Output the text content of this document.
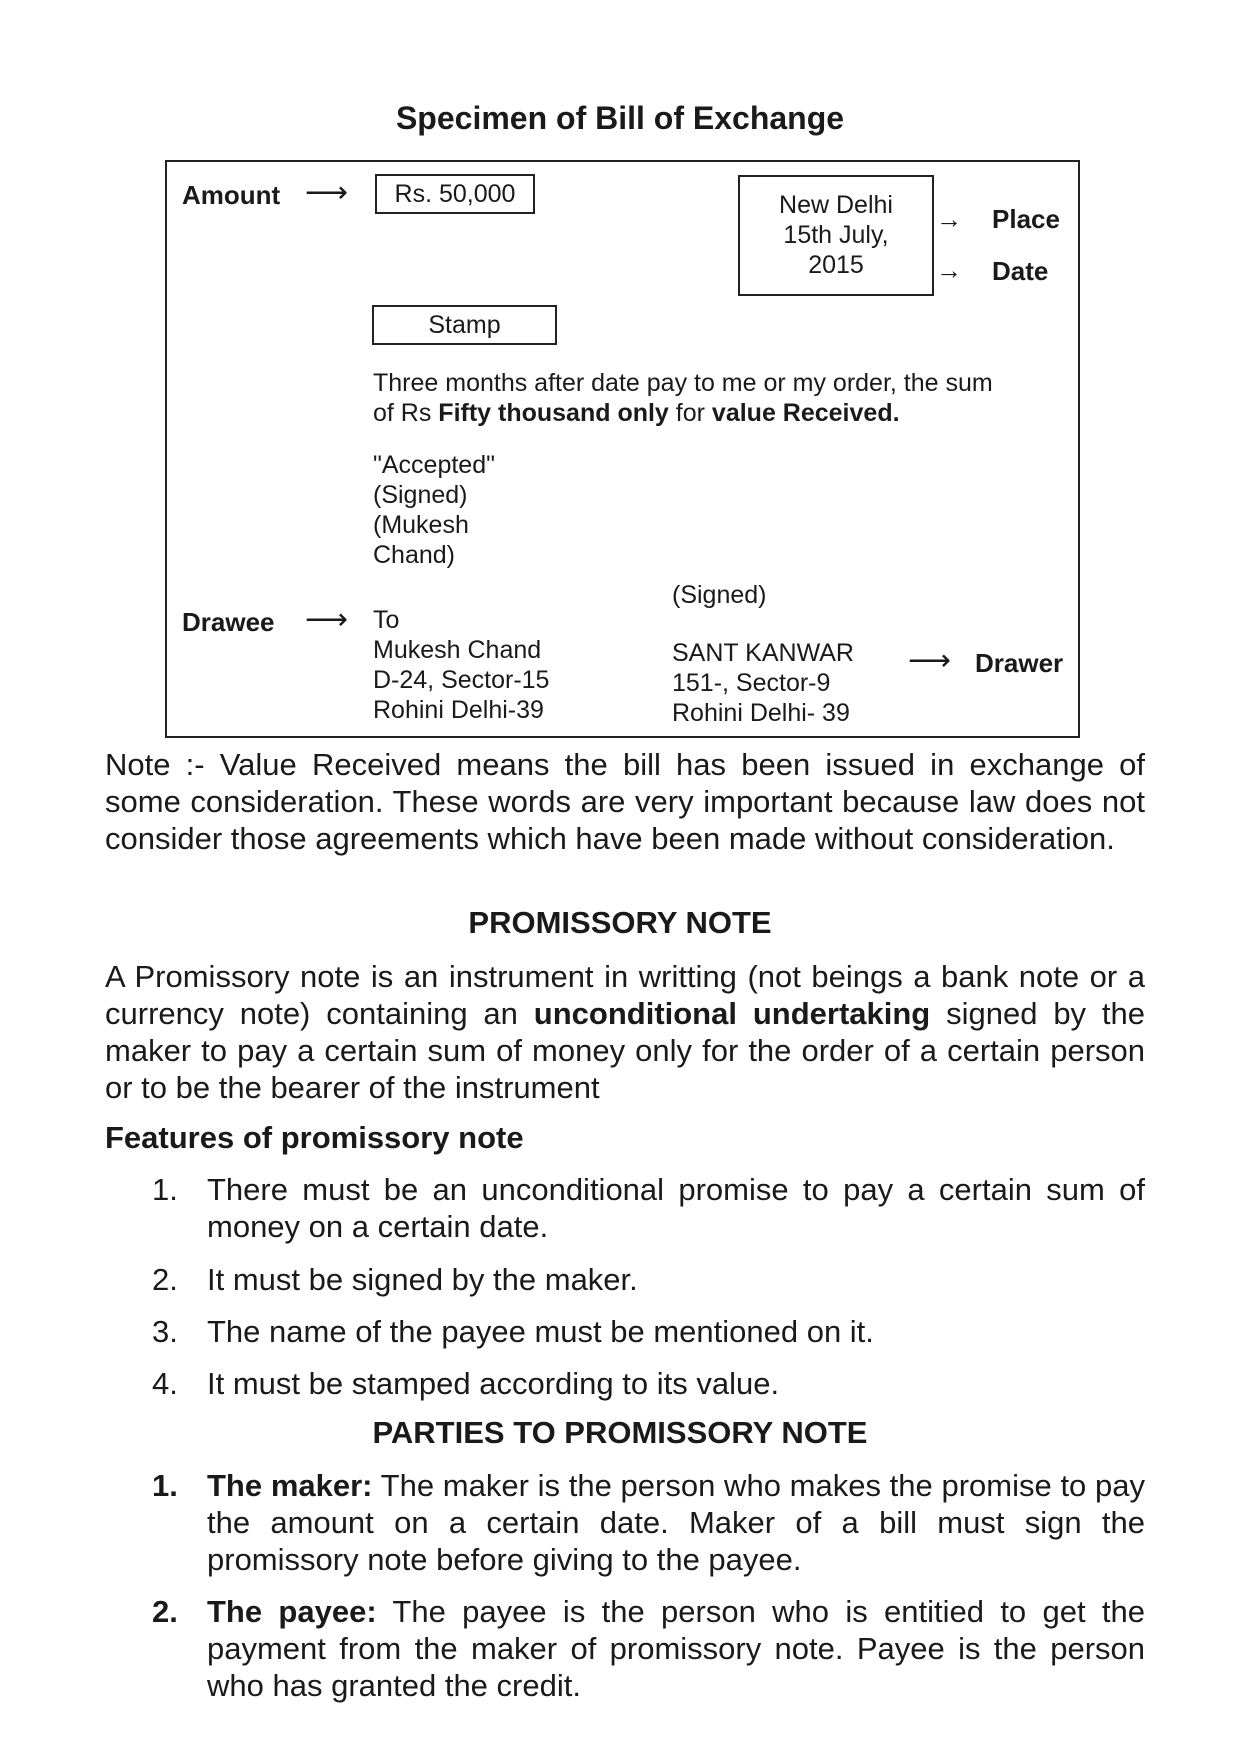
Specimen of Bill of Exchange
Amount ⟶	Rs. 50,000	New Delhi
15th July,
2015
→ Place
→ Date
Stamp
Three months after date pay to me or my order, the sum
of Rs Fifty thousand only for value Received.
"Accepted"
(Signed)
(Mukesh
Chand)
Drawee ⟶ To
Mukesh Chand
D-24, Sector-15
Rohini Delhi-39
(Signed)
SANT KANWAR
151-, Sector-9
Rohini Delhi- 39
⟶ Drawer
Note :- Value Received means the bill has been issued in exchange of some consideration. These words are very important because law does not consider those agreements which have been made without consideration.
PROMISSORY NOTE
A Promissory note is an instrument in writting (not beings a bank note or a currency note) containing an unconditional undertaking signed by the maker to pay a certain sum of money only for the order of a certain person or to be the bearer of the instrument
Features of promissory note
1. There must be an unconditional promise to pay a certain sum of money on a certain date.
2. It must be signed by the maker.
3. The name of the payee must be mentioned on it.
4. It must be stamped according to its value.
PARTIES TO PROMISSORY NOTE
1. The maker: The maker is the person who makes the promise to pay the amount on a certain date. Maker of a bill must sign the promissory note before giving to the payee.
2. The payee: The payee is the person who is entitied to get the payment from the maker of promissory note. Payee is the person who has granted the credit.
